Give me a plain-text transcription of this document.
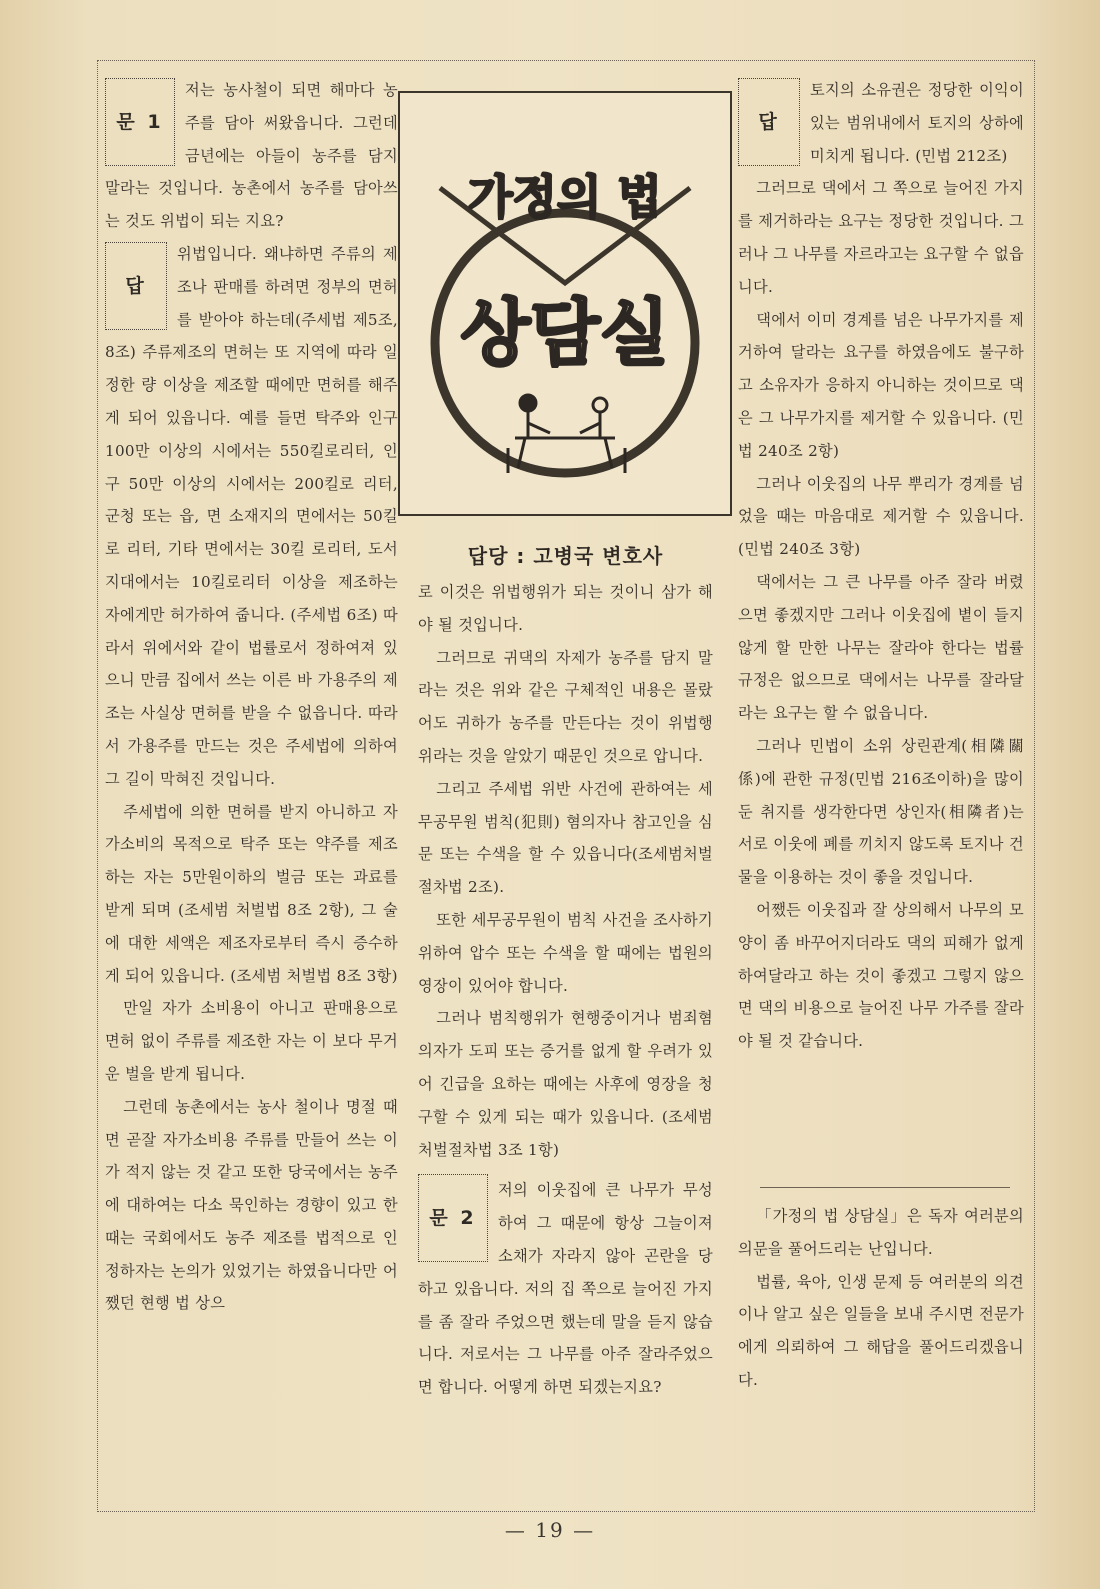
문 1

저는 농사철이 되면 해마다 농주를 담아 써왔읍니다. 그런데 금년에는 아들이 농주를 담지 말라는 것입니다. 농촌에서 농주를 담아쓰는 것도 위법이 되는 지요?

답

위법입니다. 왜냐하면 주류의 제조나 판매를 하려면 정부의 면허를 받아야 하는데(주세법 제5조, 8조) 주류제조의 면허는 또 지역에 따라 일정한 량 이상을 제조할 때에만 면허를 해주게 되어 있읍니다. 예를 들면 탁주와 인구 100만 이상의 시에서는 550킬로리터, 인구 50만 이상의 시에서는 200킬로 리터, 군청 또는 읍, 면 소재지의 면에서는 50킬로 리터, 기타 면에서는 30킬 로리터, 도서지대에서는 10킬로리터 이상을 제조하는 자에게만 허가하여 줍니다. (주세법 6조) 따라서 위에서와 같이 법률로서 정하여져 있으니 만큼 집에서 쓰는 이른 바 가용주의 제조는 사실상 면허를 받을 수 없읍니다. 따라서 가용주를 만드는 것은 주세법에 의하여 그 길이 막혀진 것입니다.

주세법에 의한 면허를 받지 아니하고 자가소비의 목적으로 탁주 또는 약주를 제조하는 자는 5만원이하의 벌금 또는 과료를 받게 되며 (조세범 처벌법 8조 2항), 그 술에 대한 세액은 제조자로부터 즉시 증수하게 되어 있읍니다. (조세범 처벌법 8조 3항)

만일 자가 소비용이 아니고 판매용으로 면허 없이 주류를 제조한 자는 이 보다 무거운 벌을 받게 됩니다.

그런데 농촌에서는 농사 철이나 명절 때면 곧잘 자가소비용 주류를 만들어 쓰는 이가 적지 않는 것 같고 또한 당국에서는 농주에 대하여는 다소 묵인하는 경향이 있고 한 때는 국회에서도 농주 제조를 법적으로 인정하자는 논의가 있었기는 하였읍니다만 어쨌던 현행 법 상으

가정의 법
상담실
답당 : 고병국 변호사

로 이것은 위법행위가 되는 것이니 삼가 해야 될 것입니다.

그러므로 귀댁의 자제가 농주를 담지 말라는 것은 위와 같은 구체적인 내용은 몰랐어도 귀하가 농주를 만든다는 것이 위법행위라는 것을 알았기 때문인 것으로 압니다.

그리고 주세법 위반 사건에 관하여는 세무공무원 범칙(犯則) 혐의자나 참고인을 심문 또는 수색을 할 수 있읍니다(조세범처벌 절차법 2조).

또한 세무공무원이 범칙 사건을 조사하기 위하여 압수 또는 수색을 할 때에는 법원의 영장이 있어야 합니다.

그러나 범칙행위가 현행중이거나 범죄혐의자가 도피 또는 증거를 없게 할 우려가 있어 긴급을 요하는 때에는 사후에 영장을 청구할 수 있게 되는 때가 있읍니다. (조세범 처벌절차법 3조 1항)

문 2

저의 이웃집에 큰 나무가 무성하여 그 때문에 항상 그늘이져 소채가 자라지 않아 곤란을 당하고 있읍니다. 저의 집 쪽으로 늘어진 가지를 좀 잘라 주었으면 했는데 말을 듣지 않습니다. 저로서는 그 나무를 아주 잘라주었으면 합니다. 어떻게 하면 되겠는지요?

답

토지의 소유권은 정당한 이익이 있는 범위내에서 토지의 상하에 미치게 됩니다. (민법 212조)

그러므로 댁에서 그 쪽으로 늘어진 가지를 제거하라는 요구는 정당한 것입니다. 그러나 그 나무를 자르라고는 요구할 수 없읍니다.

댁에서 이미 경계를 넘은 나무가지를 제거하여 달라는 요구를 하였음에도 불구하고 소유자가 응하지 아니하는 것이므로 댁은 그 나무가지를 제거할 수 있읍니다. (민법 240조 2항)

그러나 이웃집의 나무 뿌리가 경계를 넘었을 때는 마음대로 제거할 수 있읍니다. (민법 240조 3항)

댁에서는 그 큰 나무를 아주 잘라 버렸으면 좋겠지만 그러나 이웃집에 볕이 들지 않게 할 만한 나무는 잘라야 한다는 법률 규정은 없으므로 댁에서는 나무를 잘라달라는 요구는 할 수 없읍니다.

그러나 민법이 소위 상린관계(相隣關係)에 관한 규정(민법 216조이하)을 많이 둔 취지를 생각한다면 상인자(相隣者)는 서로 이웃에 폐를 끼치지 않도록 토지나 건물을 이용하는 것이 좋을 것입니다.

어쨌든 이웃집과 잘 상의해서 나무의 모양이 좀 바꾸어지더라도 댁의 피해가 없게 하여달라고 하는 것이 좋겠고 그렇지 않으면 댁의 비용으로 늘어진 나무 가주를 잘라야 될 것 같습니다.

「가정의 법 상담실」은 독자 여러분의 의문을 풀어드리는 난입니다.

법률, 육아, 인생 문제 등 여러분의 의견이나 알고 싶은 일들을 보내 주시면 전문가에게 의뢰하여 그 해답을 풀어드리겠읍니다.

— 19 —
